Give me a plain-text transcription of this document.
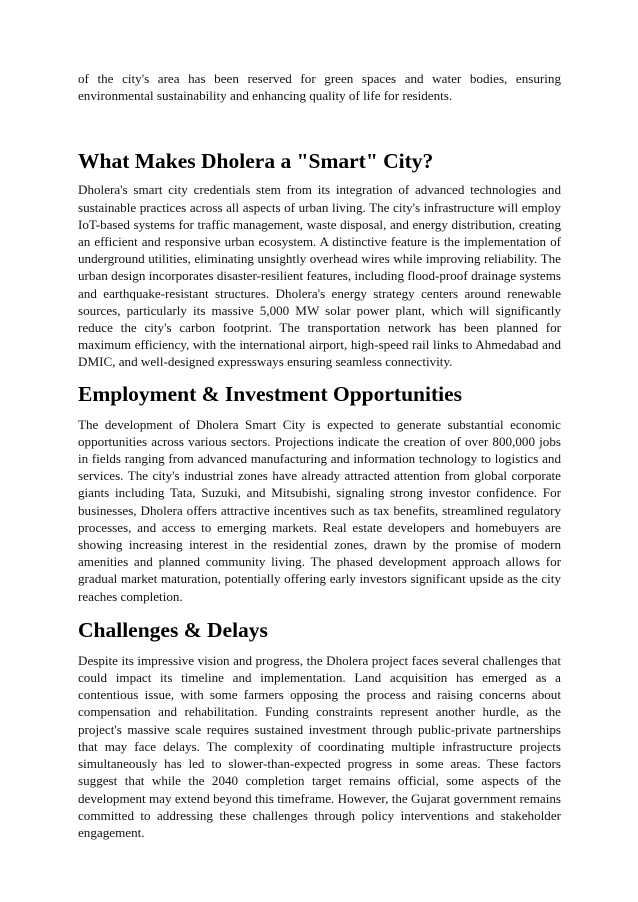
of the city's area has been reserved for green spaces and water bodies, ensuring environmental sustainability and enhancing quality of life for residents.

What Makes Dholera a "Smart" City?

Dholera's smart city credentials stem from its integration of advanced technologies and sustainable practices across all aspects of urban living. The city's infrastructure will employ IoT-based systems for traffic management, waste disposal, and energy distribution, creating an efficient and responsive urban ecosystem. A distinctive feature is the implementation of underground utilities, eliminating unsightly overhead wires while improving reliability. The urban design incorporates disaster-resilient features, including flood-proof drainage systems and earthquake-resistant structures. Dholera's energy strategy centers around renewable sources, particularly its massive 5,000 MW solar power plant, which will significantly reduce the city's carbon footprint. The transportation network has been planned for maximum efficiency, with the international airport, high-speed rail links to Ahmedabad and DMIC, and well-designed expressways ensuring seamless connectivity.

Employment & Investment Opportunities

The development of Dholera Smart City is expected to generate substantial economic opportunities across various sectors. Projections indicate the creation of over 800,000 jobs in fields ranging from advanced manufacturing and information technology to logistics and services. The city's industrial zones have already attracted attention from global corporate giants including Tata, Suzuki, and Mitsubishi, signaling strong investor confidence. For businesses, Dholera offers attractive incentives such as tax benefits, streamlined regulatory processes, and access to emerging markets. Real estate developers and homebuyers are showing increasing interest in the residential zones, drawn by the promise of modern amenities and planned community living. The phased development approach allows for gradual market maturation, potentially offering early investors significant upside as the city reaches completion.

Challenges & Delays

Despite its impressive vision and progress, the Dholera project faces several challenges that could impact its timeline and implementation. Land acquisition has emerged as a contentious issue, with some farmers opposing the process and raising concerns about compensation and rehabilitation. Funding constraints represent another hurdle, as the project's massive scale requires sustained investment through public-private partnerships that may face delays. The complexity of coordinating multiple infrastructure projects simultaneously has led to slower-than-expected progress in some areas. These factors suggest that while the 2040 completion target remains official, some aspects of the development may extend beyond this timeframe. However, the Gujarat government remains committed to addressing these challenges through policy interventions and stakeholder engagement.
